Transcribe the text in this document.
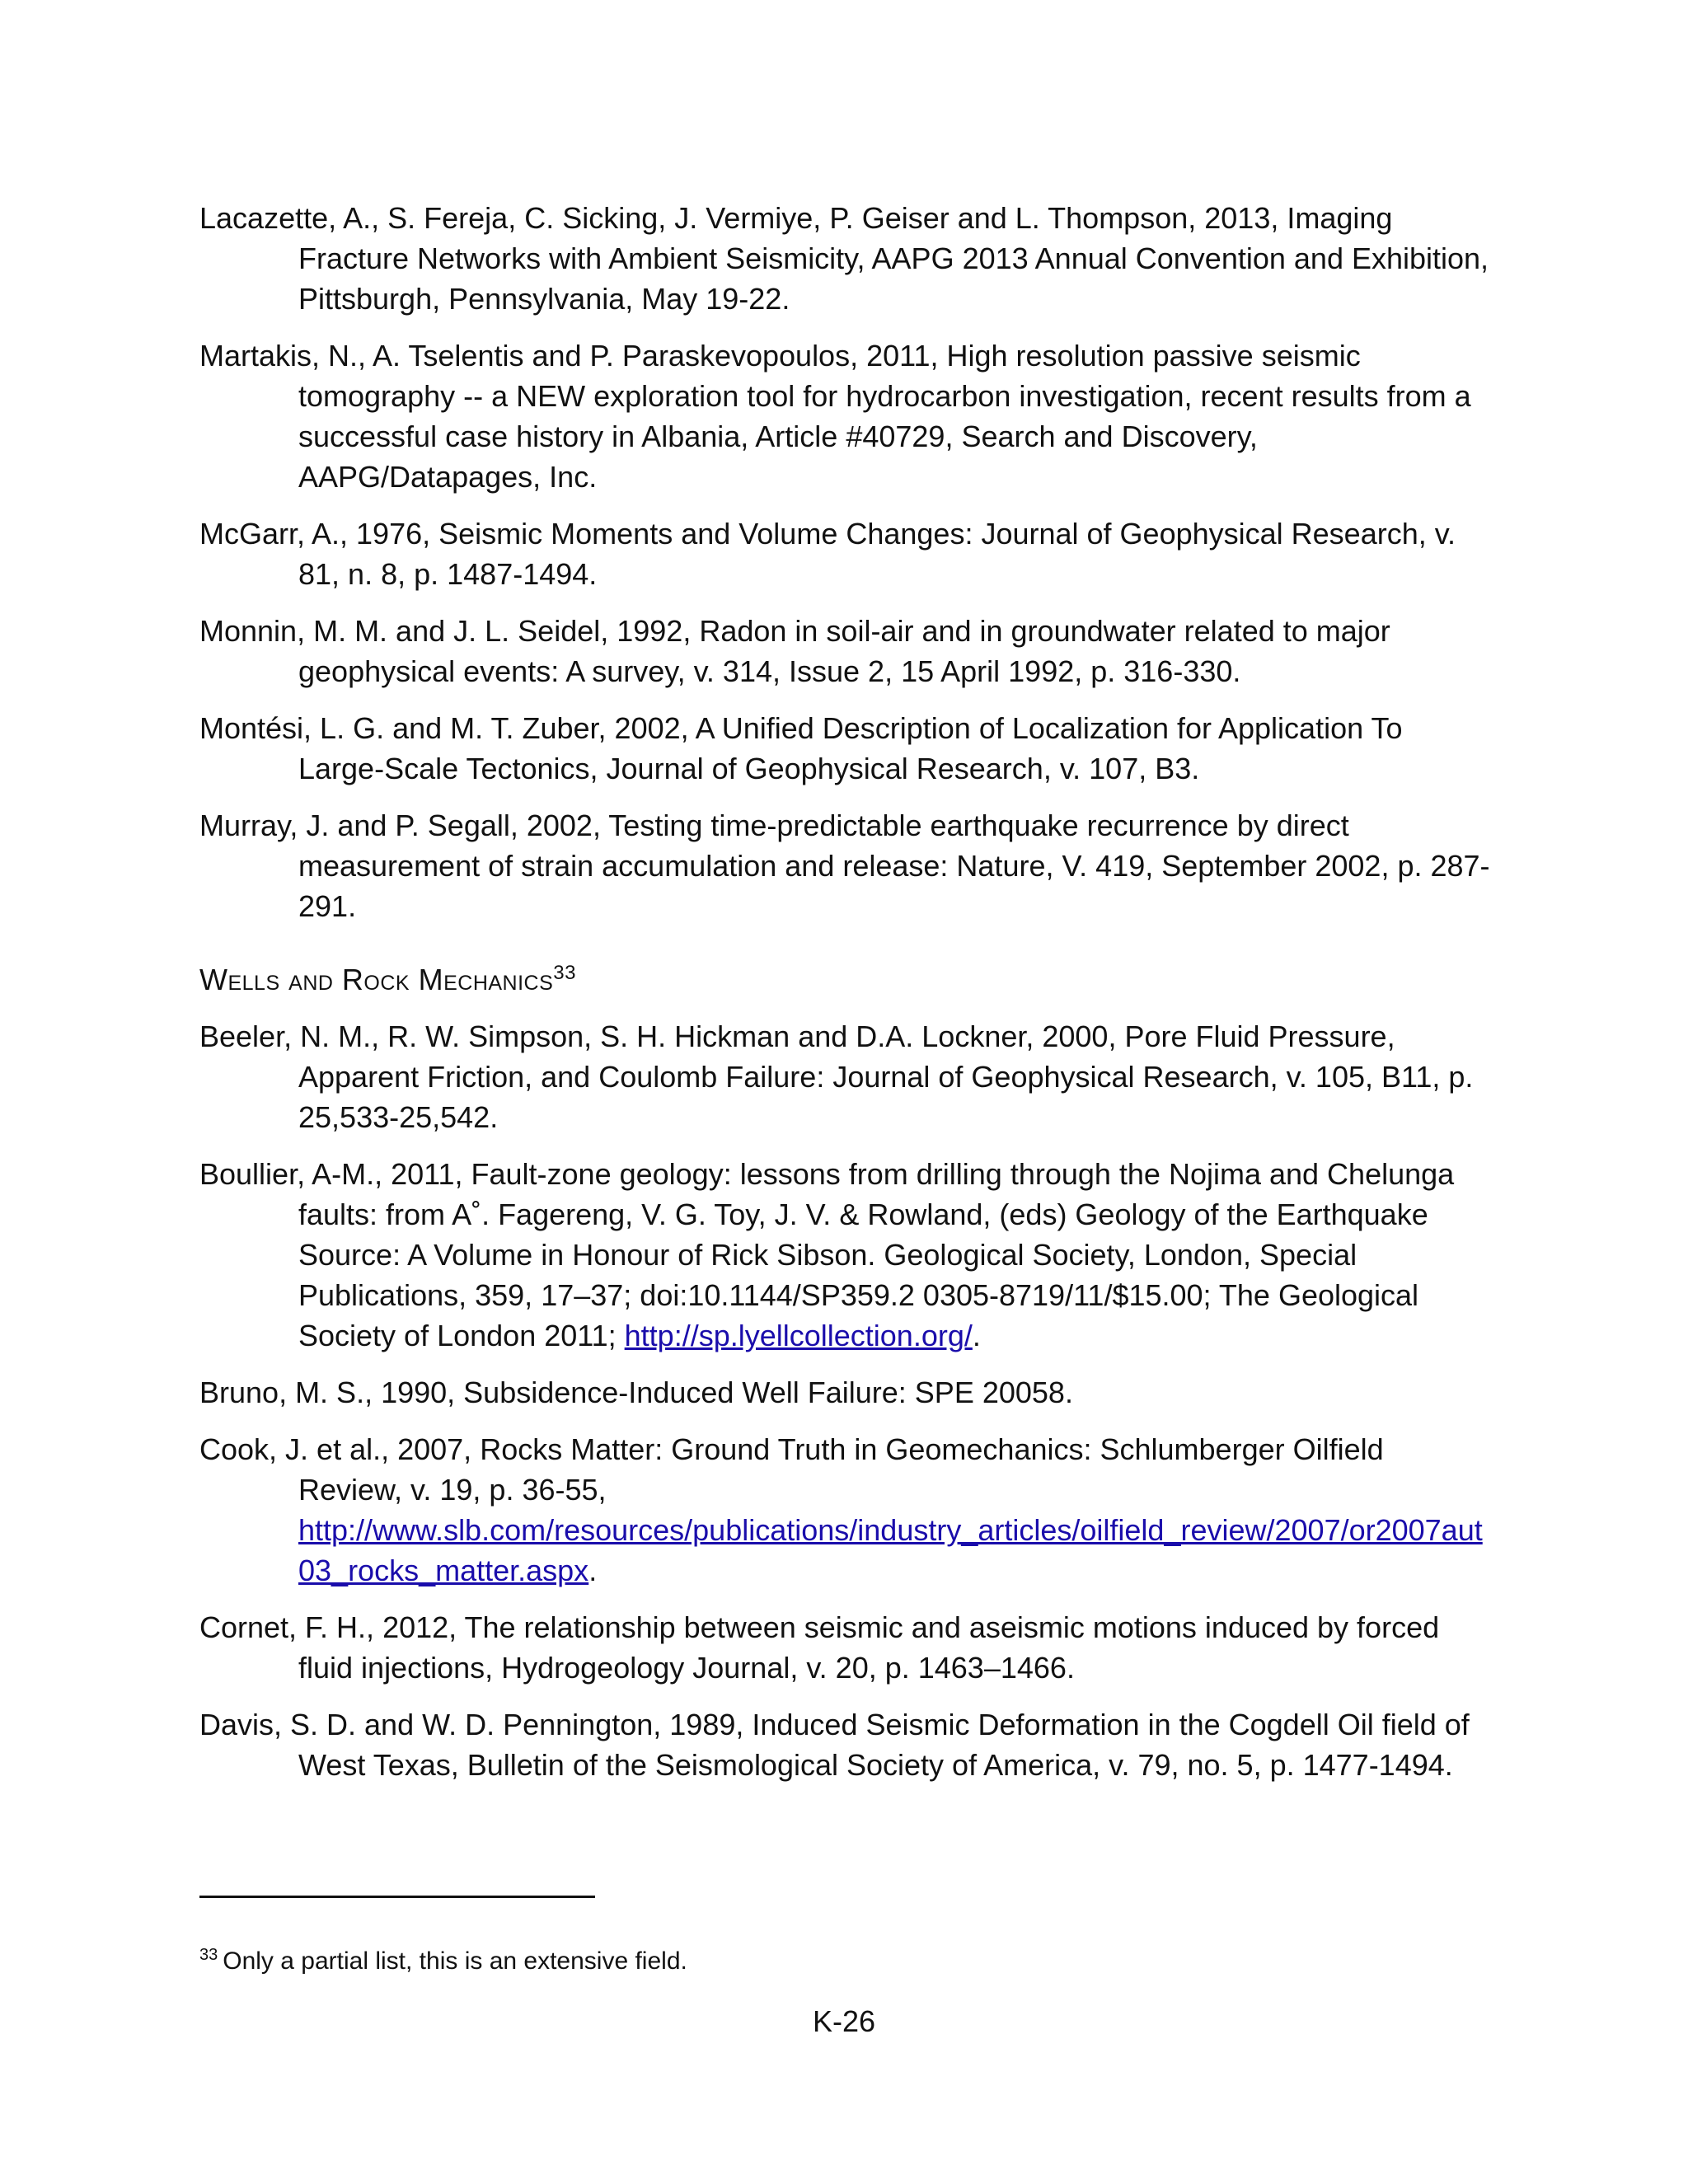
Lacazette, A., S. Fereja, C. Sicking, J. Vermiye, P. Geiser and L. Thompson, 2013, Imaging Fracture Networks with Ambient Seismicity, AAPG 2013 Annual Convention and Exhibition, Pittsburgh, Pennsylvania, May 19-22.

Martakis, N., A. Tselentis and P. Paraskevopoulos, 2011, High resolution passive seismic tomography -- a NEW exploration tool for hydrocarbon investigation, recent results from a successful case history in Albania, Article #40729, Search and Discovery, AAPG/Datapages, Inc.

McGarr, A., 1976, Seismic Moments and Volume Changes: Journal of Geophysical Research, v. 81, n. 8, p. 1487-1494.

Monnin, M. M. and J. L. Seidel, 1992, Radon in soil-air and in groundwater related to major geophysical events: A survey, v. 314, Issue 2, 15 April 1992, p. 316-330.

Montési, L. G. and M. T. Zuber, 2002, A Unified Description of Localization for Application To Large-Scale Tectonics, Journal of Geophysical Research, v. 107, B3.

Murray, J. and P. Segall, 2002, Testing time-predictable earthquake recurrence by direct measurement of strain accumulation and release: Nature, V. 419, September 2002, p. 287-291.

Wells and Rock Mechanics$^{33}$

Beeler, N. M., R. W. Simpson, S. H. Hickman and D.A. Lockner, 2000, Pore Fluid Pressure, Apparent Friction, and Coulomb Failure: Journal of Geophysical Research, v. 105, B11, p. 25,533-25,542.

Boullier, A-M., 2011, Fault-zone geology: lessons from drilling through the Nojima and Chelunga faults: from A˚. Fagereng, V. G. Toy, J. V. & Rowland, (eds) Geology of the Earthquake Source: A Volume in Honour of Rick Sibson. Geological Society, London, Special Publications, 359, 17–37; doi:10.1144/SP359.2 0305-8719/11/$15.00; The Geological Society of London 2011; http://sp.lyellcollection.org/.

Bruno, M. S., 1990, Subsidence-Induced Well Failure: SPE 20058.

Cook, J. et al., 2007, Rocks Matter: Ground Truth in Geomechanics: Schlumberger Oilfield Review, v. 19, p. 36-55, http://www.slb.com/resources/publications/industry_articles/oilfield_review/2007/or2007aut03_rocks_matter.aspx.

Cornet, F. H., 2012, The relationship between seismic and aseismic motions induced by forced fluid injections, Hydrogeology Journal, v. 20, p. 1463–1466.

Davis, S. D. and W. D. Pennington, 1989, Induced Seismic Deformation in the Cogdell Oil field of West Texas, Bulletin of the Seismological Society of America, v. 79, no. 5, p. 1477-1494.

$^{33}$ Only a partial list, this is an extensive field.
K-26
